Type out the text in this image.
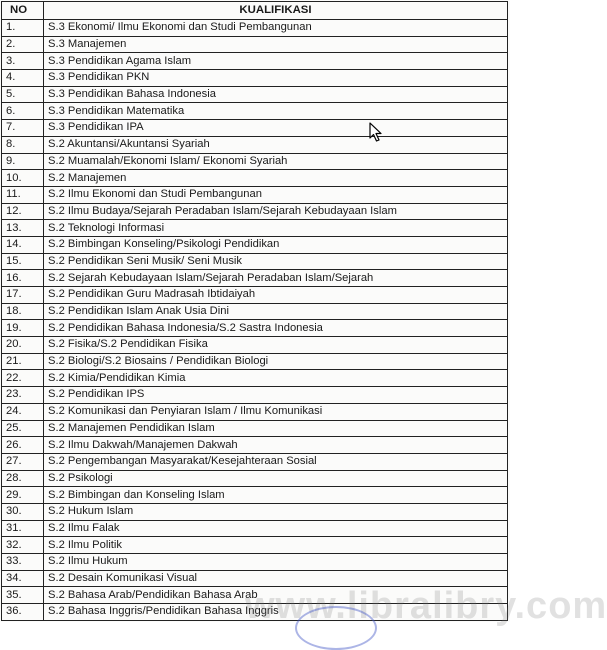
NO	KUALIFIKASI
1.	S.3 Ekonomi/ Ilmu Ekonomi dan Studi Pembangunan
2.	S.3 Manajemen
3.	S.3 Pendidikan Agama Islam
4.	S.3 Pendidikan PKN
5.	S.3 Pendidikan Bahasa Indonesia
6.	S.3 Pendidikan Matematika
7.	S.3 Pendidikan IPA
8.	S.2 Akuntansi/Akuntansi Syariah
9.	S.2 Muamalah/Ekonomi Islam/ Ekonomi Syariah
10.	S.2 Manajemen
11.	S.2 Ilmu Ekonomi dan Studi Pembangunan
12.	S.2 Ilmu Budaya/Sejarah Peradaban Islam/Sejarah Kebudayaan Islam
13.	S.2 Teknologi Informasi
14.	S.2 Bimbingan Konseling/Psikologi Pendidikan
15.	S.2 Pendidikan Seni Musik/ Seni Musik
16.	S.2 Sejarah Kebudayaan Islam/Sejarah Peradaban Islam/Sejarah
17.	S.2 Pendidikan Guru Madrasah Ibtidaiyah
18.	S.2 Pendidikan Islam Anak Usia Dini
19.	S.2 Pendidikan Bahasa Indonesia/S.2 Sastra Indonesia
20.	S.2 Fisika/S.2 Pendidikan Fisika
21.	S.2 Biologi/S.2 Biosains / Pendidikan Biologi
22.	S.2 Kimia/Pendidikan Kimia
23.	S.2 Pendidikan IPS
24.	S.2 Komunikasi dan Penyiaran Islam / Ilmu Komunikasi
25.	S.2 Manajemen Pendidikan Islam
26.	S.2 Ilmu Dakwah/Manajemen Dakwah
27.	S.2 Pengembangan Masyarakat/Kesejahteraan Sosial
28.	S.2 Psikologi
29.	S.2 Bimbingan dan Konseling Islam
30.	S.2 Hukum Islam
31.	S.2 Ilmu Falak
32.	S.2 Ilmu Politik
33.	S.2 Ilmu Hukum
34.	S.2 Desain Komunikasi Visual
35.	S.2 Bahasa Arab/Pendidikan Bahasa Arab
36.	S.2 Bahasa Inggris/Pendidikan Bahasa Inggris
www.libralibry.com
